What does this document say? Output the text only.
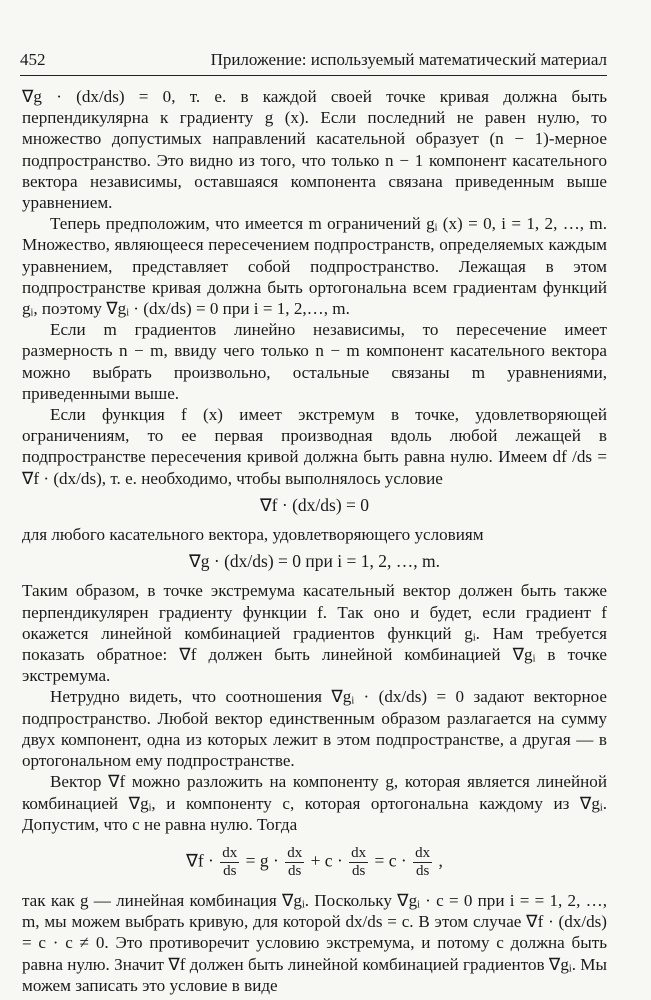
452	Приложение: используемый математический материал

∇g · (dx/ds) = 0, т. е. в каждой своей точке кривая должна быть перпендикулярна к градиенту g (x). Если последний не равен нулю, то множество допустимых направлений касательной образует (n − 1)-мерное подпространство. Это видно из того, что только n − 1 компонент касательного вектора независимы, оставшаяся компонента связана приведенным выше уравнением.

Теперь предположим, что имеется m ограничений gᵢ (x) = 0, i = 1, 2, …, m. Множество, являющееся пересечением подпространств, определяемых каждым уравнением, представляет собой подпространство. Лежащая в этом подпространстве кривая должна быть ортогональна всем градиентам функций gᵢ, поэтому ∇gᵢ · (dx/ds) = 0 при i = 1, 2,…, m.

Если m градиентов линейно независимы, то пересечение имеет размерность n − m, ввиду чего только n − m компонент касательного вектора можно выбрать произвольно, остальные связаны m уравнениями, приведенными выше.

Если функция f (x) имеет экстремум в точке, удовлетворяющей ограничениям, то ее первая производная вдоль любой лежащей в подпространстве пересечения кривой должна быть равна нулю. Имеем df /ds = ∇f · (dx/ds), т. е. необходимо, чтобы выполнялось условие

∇f · (dx/ds) = 0

для любого касательного вектора, удовлетворяющего условиям

∇g · (dx/ds) = 0 при i = 1, 2, …, m.

Таким образом, в точке экстремума касательный вектор должен быть также перпендикулярен градиенту функции f. Так оно и будет, если градиент f окажется линейной комбинацией градиентов функций gᵢ. Нам требуется показать обратное: ∇f должен быть линейной комбинацией ∇gᵢ в точке экстремума.

Нетрудно видеть, что соотношения ∇gᵢ · (dx/ds) = 0 задают векторное подпространство. Любой вектор единственным образом разлагается на сумму двух компонент, одна из которых лежит в этом подпространстве, а другая — в ортогональном ему подпространстве.

Вектор ∇f можно разложить на компоненту g, которая является линейной комбинацией ∇gᵢ, и компоненту c, которая ортогональна каждому из ∇gᵢ. Допустим, что c не равна нулю. Тогда

$\nabla f \cdot \frac{dx}{ds} = g \cdot \frac{dx}{ds} + c \cdot \frac{dx}{ds} = c \cdot \frac{dx}{ds}$ ,

так как g — линейная комбинация ∇gᵢ. Поскольку ∇gᵢ · c = 0 при i = = 1, 2, …, m, мы можем выбрать кривую, для которой dx/ds = c. В этом случае ∇f · (dx/ds) = c · c ≠ 0. Это противоречит условию экстремума, и потому c должна быть равна нулю. Значит ∇f должен быть линейной комбинацией градиентов ∇gᵢ. Мы можем записать это условие в виде
